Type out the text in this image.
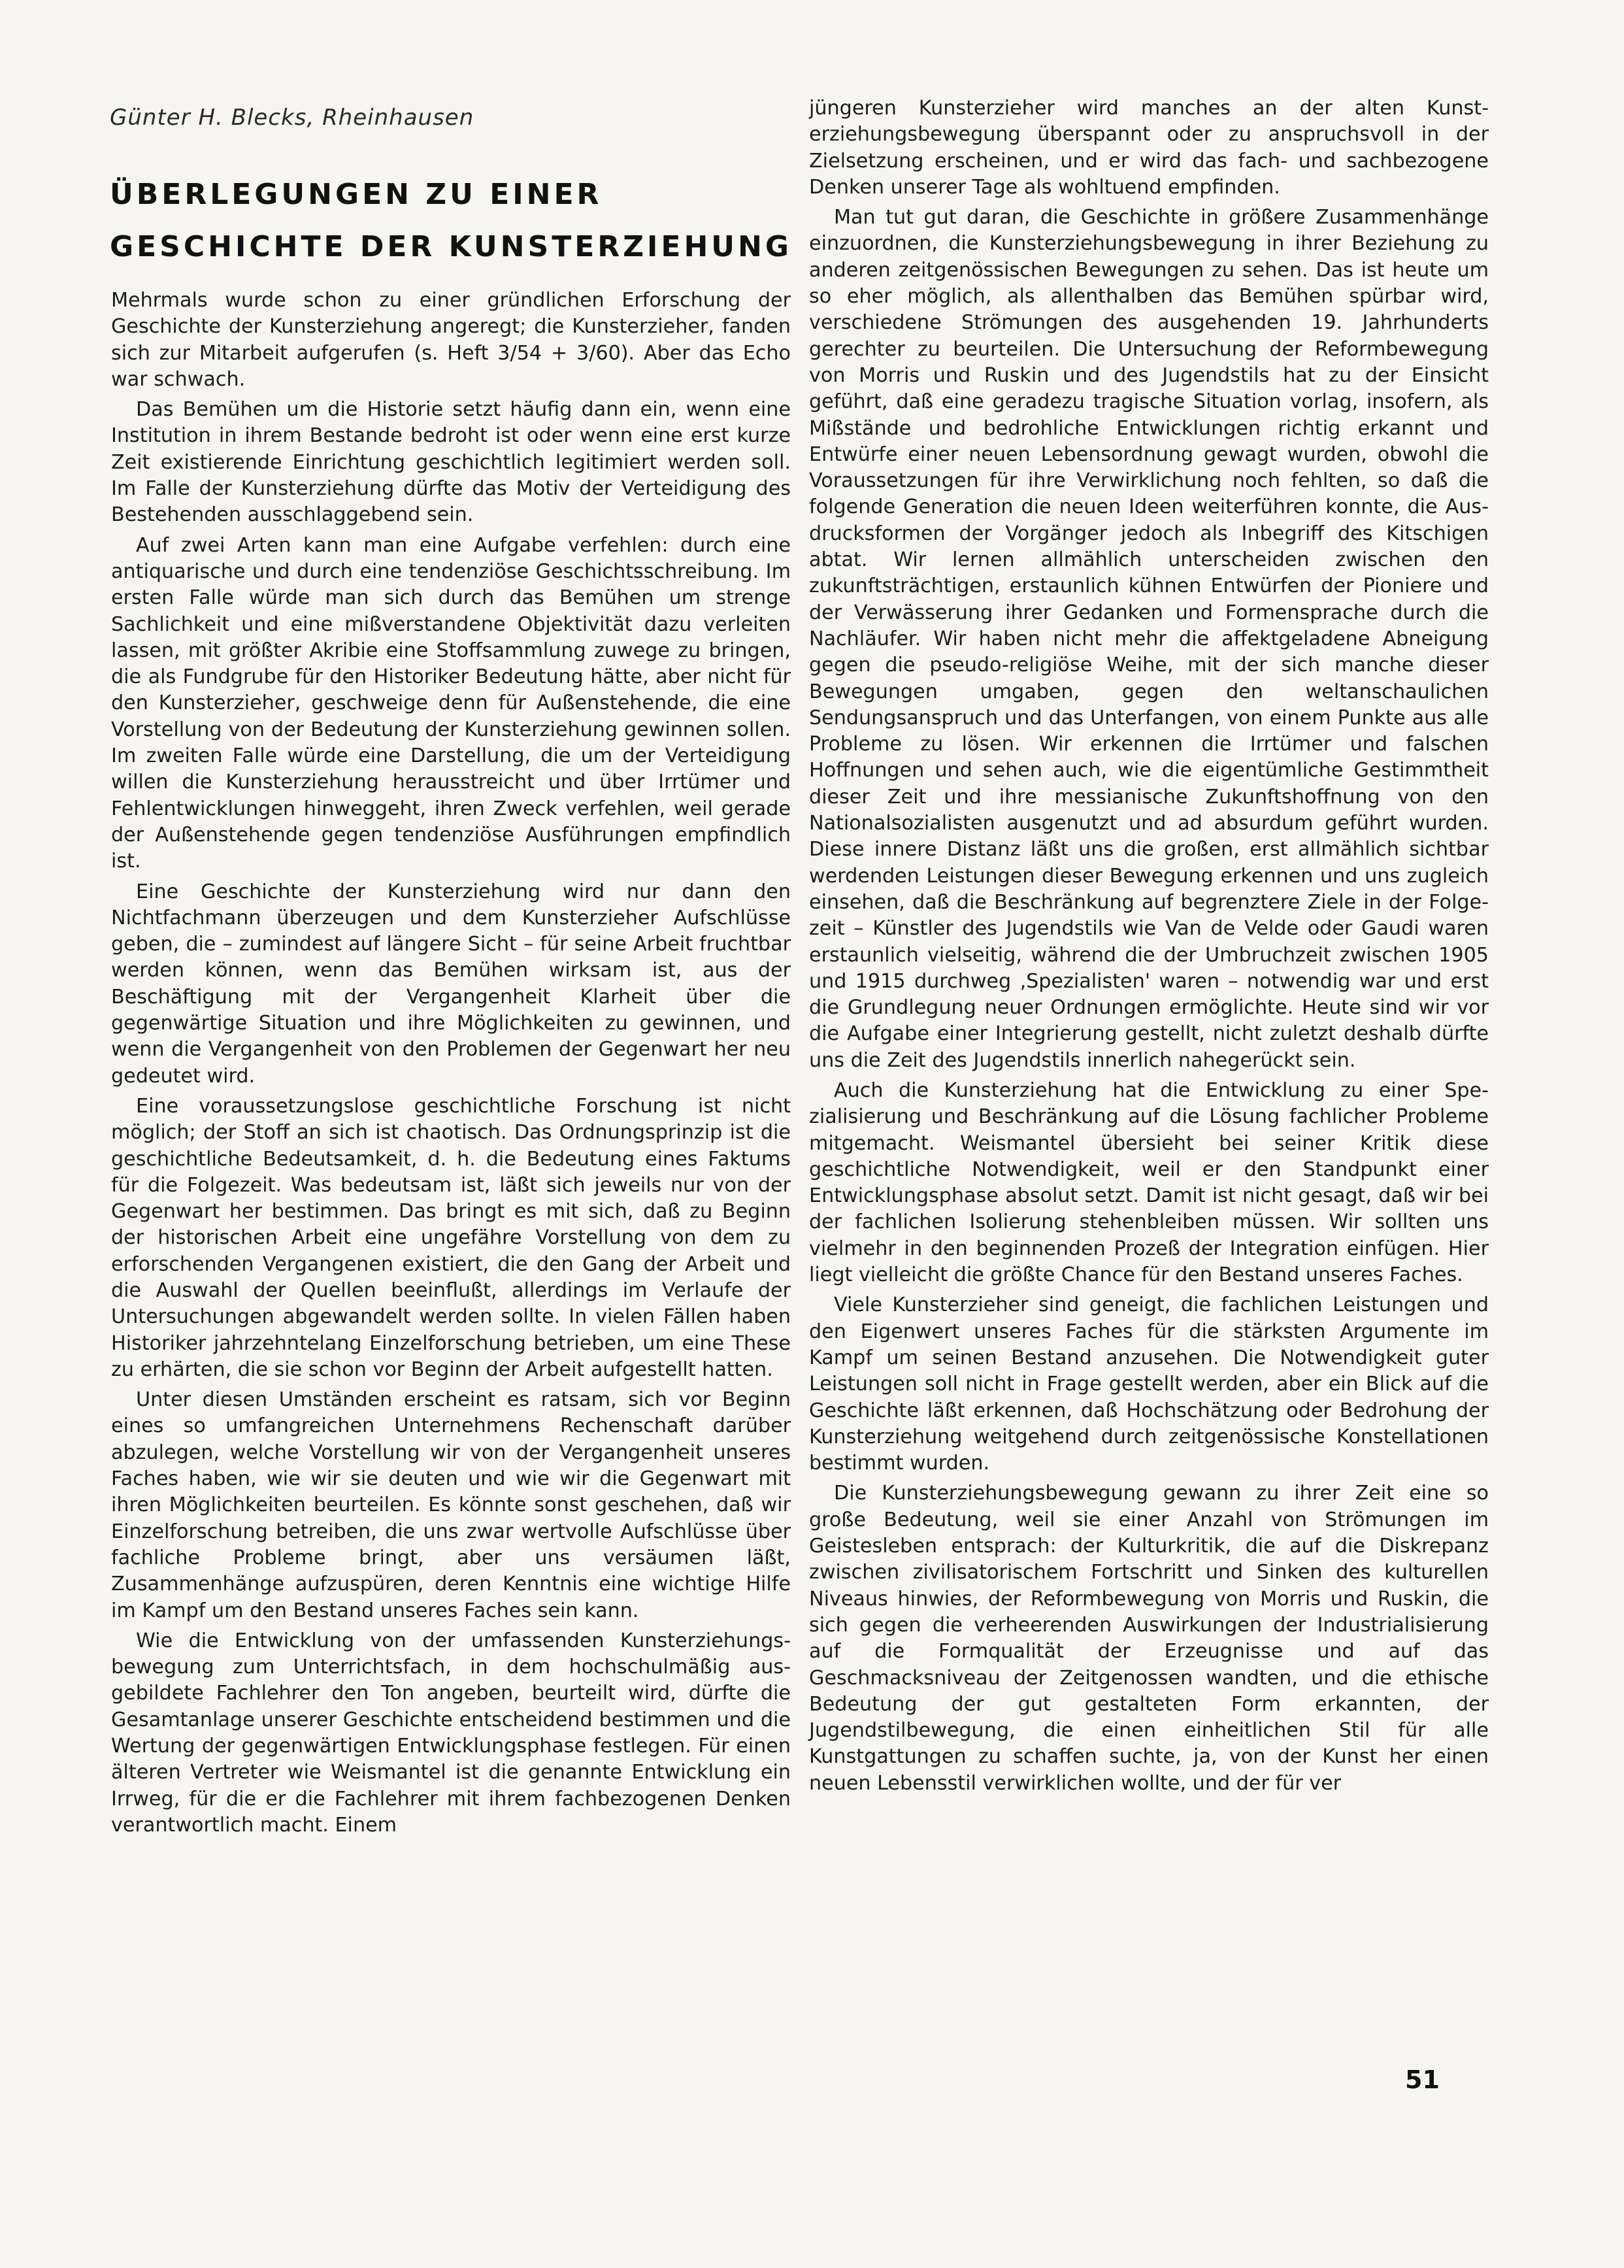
Günter H. Blecks, Rheinhausen
ÜBERLEGUNGEN ZU EINER
GESCHICHTE DER KUNSTERZIEHUNG

Mehrmals wurde schon zu einer gründlichen Erforschung der Geschichte der Kunsterziehung angeregt; die Kunsterzieher, fanden sich zur Mitarbeit aufgerufen (s. Heft 3/54 + 3/60). Aber das Echo war schwach.

Das Bemühen um die Historie setzt häufig dann ein, wenn eine Institution in ihrem Bestande bedroht ist oder wenn eine erst kurze Zeit existierende Einrichtung geschichtlich legitimiert werden soll. Im Falle der Kunsterziehung dürfte das Motiv der Verteidigung des Bestehenden ausschlaggebend sein.

Auf zwei Arten kann man eine Aufgabe verfehlen: durch eine antiquarische und durch eine tendenziöse Geschichtsschreibung. Im ersten Falle würde man sich durch das Bemühen um strenge Sachlichkeit und eine mißverstandene Objektivität dazu verleiten lassen, mit größter Akribie eine Stoffsammlung zuwege zu bringen, die als Fundgrube für den Historiker Bedeutung hätte, aber nicht für den Kunsterzieher, geschweige denn für Außenstehende, die eine Vorstellung von der Bedeutung der Kunsterziehung gewinnen sollen. Im zweiten Falle würde eine Darstellung, die um der Verteidigung willen die Kunsterziehung herausstreicht und über Irrtümer und Fehlentwicklungen hinweggeht, ihren Zweck verfehlen, weil gerade der Außenstehende gegen tendenziöse Ausführungen empfindlich ist.

Eine Geschichte der Kunsterziehung wird nur dann den Nichtfachmann überzeugen und dem Kunsterzieher Aufschlüsse geben, die – zumindest auf längere Sicht – für seine Arbeit fruchtbar werden können, wenn das Bemühen wirksam ist, aus der Beschäftigung mit der Vergangenheit Klarheit über die gegenwärtige Situation und ihre Möglichkeiten zu gewinnen, und wenn die Vergangenheit von den Problemen der Gegenwart her neu gedeutet wird.

Eine voraussetzungslose geschichtliche Forschung ist nicht möglich; der Stoff an sich ist chaotisch. Das Ordnungsprinzip ist die geschichtliche Bedeutsamkeit, d. h. die Bedeutung eines Faktums für die Folgezeit. Was bedeutsam ist, läßt sich jeweils nur von der Gegenwart her bestimmen. Das bringt es mit sich, daß zu Beginn der historischen Arbeit eine ungefähre Vorstellung von dem zu erforschenden Vergangenen existiert, die den Gang der Arbeit und die Auswahl der Quellen beeinflußt, allerdings im Verlaufe der Untersuchungen abgewandelt werden sollte. In vielen Fällen haben Historiker jahrzehntelang Einzelforschung betrieben, um eine These zu erhärten, die sie schon vor Beginn der Arbeit aufgestellt hatten.

Unter diesen Umständen erscheint es ratsam, sich vor Beginn eines so umfangreichen Unternehmens Rechenschaft darüber abzulegen, welche Vorstellung wir von der Vergangenheit unseres Faches haben, wie wir sie deuten und wie wir die Gegenwart mit ihren Möglichkeiten beurteilen. Es könnte sonst geschehen, daß wir Einzelforschung betreiben, die uns zwar wertvolle Aufschlüsse über fachliche Probleme bringt, aber uns versäumen läßt, Zusammenhänge aufzuspüren, deren Kenntnis eine wichtige Hilfe im Kampf um den Bestand unseres Faches sein kann.

Wie die Entwicklung von der umfassenden Kunsterziehungsbewegung zum Unterrichtsfach, in dem hochschulmäßig ausgebildete Fachlehrer den Ton angeben, beurteilt wird, dürfte die Gesamtanlage unserer Geschichte entscheidend bestimmen und die Wertung der gegenwärtigen Entwicklungsphase festlegen. Für einen älteren Vertreter wie Weismantel ist die genannte Entwicklung ein Irrweg, für die er die Fachlehrer mit ihrem fachbezogenen Denken verantwortlich macht. Einem

jüngeren Kunsterzieher wird manches an der alten Kunsterziehungsbewegung überspannt oder zu anspruchsvoll in der Zielsetzung erscheinen, und er wird das fach- und sachbezogene Denken unserer Tage als wohltuend empfinden.

Man tut gut daran, die Geschichte in größere Zusammenhänge einzuordnen, die Kunsterziehungsbewegung in ihrer Beziehung zu anderen zeitgenössischen Bewegungen zu sehen. Das ist heute um so eher möglich, als allenthalben das Bemühen spürbar wird, verschiedene Strömungen des ausgehenden 19. Jahrhunderts gerechter zu beurteilen. Die Untersuchung der Reformbewegung von Morris und Ruskin und des Jugendstils hat zu der Einsicht geführt, daß eine geradezu tragische Situation vorlag, insofern, als Mißstände und bedrohliche Entwicklungen richtig erkannt und Entwürfe einer neuen Lebensordnung gewagt wurden, obwohl die Voraussetzungen für ihre Verwirklichung noch fehlten, so daß die folgende Generation die neuen Ideen weiterführen konnte, die Ausdrucksformen der Vorgänger jedoch als Inbegriff des Kitschigen abtat. Wir lernen allmählich unterscheiden zwischen den zukunftsträchtigen, erstaunlich kühnen Entwürfen der Pioniere und der Verwässerung ihrer Gedanken und Formensprache durch die Nachläufer. Wir haben nicht mehr die affektgeladene Abneigung gegen die pseudo-religiöse Weihe, mit der sich manche dieser Bewegungen umgaben, gegen den weltanschaulichen Sendungsanspruch und das Unterfangen, von einem Punkte aus alle Probleme zu lösen. Wir erkennen die Irrtümer und falschen Hoffnungen und sehen auch, wie die eigentümliche Gestimmtheit dieser Zeit und ihre messianische Zukunftshoffnung von den Nationalsozialisten ausgenutzt und ad absurdum geführt wurden. Diese innere Distanz läßt uns die großen, erst allmählich sichtbar werdenden Leistungen dieser Bewegung erkennen und uns zugleich einsehen, daß die Beschränkung auf begrenztere Ziele in der Folgezeit – Künstler des Jugendstils wie Van de Velde oder Gaudi waren erstaunlich vielseitig, während die der Umbruchzeit zwischen 1905 und 1915 durchweg ‚Spezialisten' waren – notwendig war und erst die Grundlegung neuer Ordnungen ermöglichte. Heute sind wir vor die Aufgabe einer Integrierung gestellt, nicht zuletzt deshalb dürfte uns die Zeit des Jugendstils innerlich nahegerückt sein.

Auch die Kunsterziehung hat die Entwicklung zu einer Spezialisierung und Beschränkung auf die Lösung fachlicher Probleme mitgemacht. Weismantel übersieht bei seiner Kritik diese geschichtliche Notwendigkeit, weil er den Standpunkt einer Entwicklungsphase absolut setzt. Damit ist nicht gesagt, daß wir bei der fachlichen Isolierung stehenbleiben müssen. Wir sollten uns vielmehr in den beginnenden Prozeß der Integration einfügen. Hier liegt vielleicht die größte Chance für den Bestand unseres Faches.

Viele Kunsterzieher sind geneigt, die fachlichen Leistungen und den Eigenwert unseres Faches für die stärksten Argumente im Kampf um seinen Bestand anzusehen. Die Notwendigkeit guter Leistungen soll nicht in Frage gestellt werden, aber ein Blick auf die Geschichte läßt erkennen, daß Hochschätzung oder Bedrohung der Kunsterziehung weitgehend durch zeitgenössische Konstellationen bestimmt wurden.

Die Kunsterziehungsbewegung gewann zu ihrer Zeit eine so große Bedeutung, weil sie einer Anzahl von Strömungen im Geistesleben entsprach: der Kulturkritik, die auf die Diskrepanz zwischen zivilisatorischem Fortschritt und Sinken des kulturellen Niveaus hinwies, der Reformbewegung von Morris und Ruskin, die sich gegen die verheerenden Auswirkungen der Industrialisierung auf die Formqualität der Erzeugnisse und auf das Geschmacksniveau der Zeitgenossen wandten, und die ethische Bedeutung der gut gestalteten Form erkannten, der Jugendstilbewegung, die einen einheitlichen Stil für alle Kunstgattungen zu schaffen suchte, ja, von der Kunst her einen neuen Lebensstil verwirklichen wollte, und der für ver

51
